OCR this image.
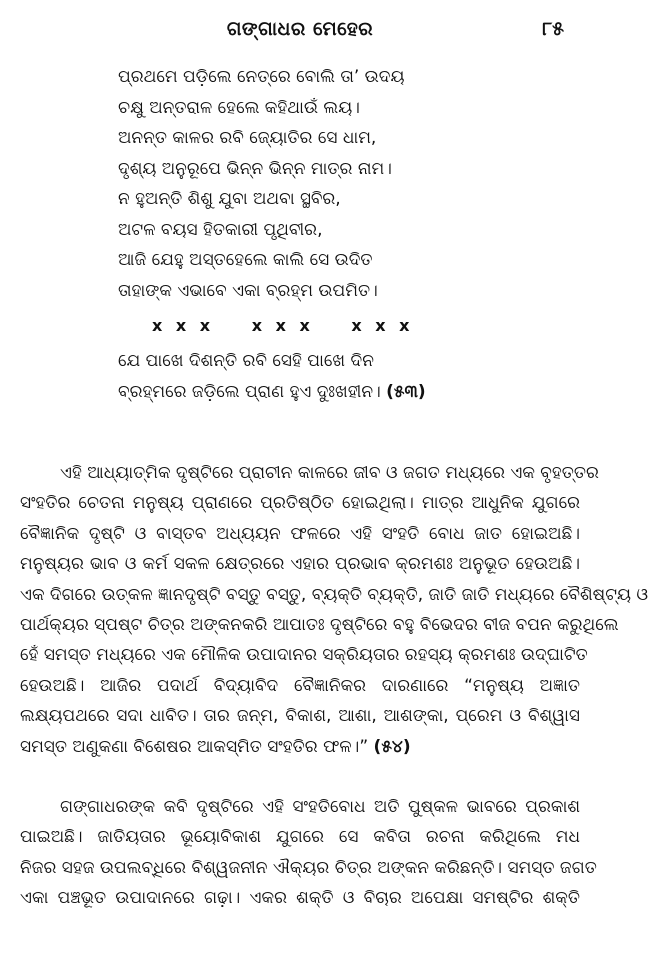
ଗଙ୍ଗାଧର ମେହେର	୮୫
ପ୍ରଥମେ ପଡ଼ିଲେ ନେତ୍ରେ ବୋଲି ତା’ ଉଦୟ
ଚକ୍ଷୁ ଅନ୍ତରାଳ ହେଲେ କହିଥାଉଁ ଲୟ।
ଅନନ୍ତ କାଳର ରବି ଜ୍ୟୋତିର ସେ ଧାମ,
ଦୃଶ୍ୟ ଅନୁରୂପେ ଭିନ୍ନ ଭିନ୍ନ ମାତ୍ର ନାମ।
ନ ହୁଅନ୍ତି ଶିଶୁ ଯୁବା ଅଥବା ସ୍ଥବିର,
ଅଟଳ ବୟସ ହିତକାରୀ ପୃଥିବୀର,
ଆଜି ଯେହୁ ଅସ୍ତହେଲେ କାଲି ସେ ଉଦିତ
ତାହାଙ୍କ ଏଭାବେ ଏକା ବ୍ରହ୍ମ ଉପମିତ।
x x x x x x x x x
ଯେ ପାଖେ ଦିଶନ୍ତି ରବି ସେହି ପାଖେ ଦିନ
ବ୍ରହ୍ମରେ ଜଡ଼ିଲେ ପ୍ରାଣ ହୁଏ ଦୁଃଖହୀନ। (୫୩)
ଏହି ଆଧ୍ୟାତ୍ମିକ ଦୃଷ୍ଟିରେ ପ୍ରାଚୀନ କାଳରେ ଜୀବ ଓ ଜଗତ ମଧ୍ୟରେ ଏକ ବୃହତ୍ତର
ସଂହତିର ଚେତନା ମନୁଷ୍ୟ ପ୍ରାଣରେ ପ୍ରତିଷ୍ଠିତ ହୋଇଥିଲା। ମାତ୍ର ଆଧୁନିକ ଯୁଗରେ
ବୈଜ୍ଞାନିକ ଦୃଷ୍ଟି ଓ ବାସ୍ତବ ଅଧ୍ୟୟନ ଫଳରେ ଏହି ସଂହତି ବୋଧ ଜାତ ହୋଇଅଛି।
ମନୁଷ୍ୟର ଭାବ ଓ କର୍ମ ସକଳ କ୍ଷେତ୍ରରେ ଏହାର ପ୍ରଭାବ କ୍ରମଶଃ ଅନୁଭୂତ ହେଉଅଛି।
ଏକ ଦିଗରେ ଉତ୍କଳ ଜ୍ଞାନଦୃଷ୍ଟି ବସ୍ତୁ ବସ୍ତୁ, ବ୍ୟକ୍ତି ବ୍ୟକ୍ତି, ଜାତି ଜାତି ମଧ୍ୟରେ ବୈଶିଷ୍ଟ୍ୟ ଓ
ପାର୍ଥକ୍ୟର ସ୍ପଷ୍ଟ ଚିତ୍ର ଅଙ୍କନକରି ଆପାତଃ ଦୃଷ୍ଟିରେ ବହୁ ବିଭେଦର ବୀଜ ବପନ କରୁଥିଲେ
ହେଁ ସମସ୍ତ ମଧ୍ୟରେ ଏକ ମୌଳିକ ଉପାଦାନର ସକ୍ରିୟତାର ରହସ୍ୟ କ୍ରମଶଃ ଉଦ୍‌ଘାଟିତ
ହେଉଅଛି। ଆଜିର ପଦାର୍ଥ ବିଦ୍ୟାବିଦ ବୈଜ୍ଞାନିକର ଦାରଣାରେ “ମନୁଷ୍ୟ ଅଜ୍ଞାତ
ଲକ୍ଷ୍ୟପଥରେ ସଦା ଧାବିତ। ତାର ଜନ୍ମ, ବିକାଶ, ଆଶା, ଆଶଙ୍କା, ପ୍ରେମ ଓ ବିଶ୍ୱାସ
ସମସ୍ତ ଅଣୁକଣା ବିଶେଷର ଆକସ୍ମିତ ସଂହତିର ଫଳ।” (୫୪)
ଗଙ୍ଗାଧରଙ୍କ କବି ଦୃଷ୍ଟିରେ ଏହି ସଂହତିବୋଧ ଅତି ପୁଷ୍କଳ ଭାବରେ ପ୍ରକାଶ
ପାଇଅଛି। ଜାତିୟତାର ଭୂୟୋବିକାଶ ଯୁଗରେ ସେ କବିତା ରଚନା କରିଥିଲେ ମଧ
ନିଜର ସହଜ ଉପଲବ୍ଧିରେ ବିଶ୍ୱଜନୀନ ଐକ୍ୟର ଚିତ୍ର ଅଙ୍କନ କରିଛନ୍ତି। ସମସ୍ତ ଜଗତ
ଏକା ପଞ୍ଚଭୂତ ଉପାଦାନରେ ଗଢ଼ା। ଏକର ଶକ୍ତି ଓ ବିଚାର ଅପେକ୍ଷା ସମଷ୍ଟିର ଶକ୍ତି
